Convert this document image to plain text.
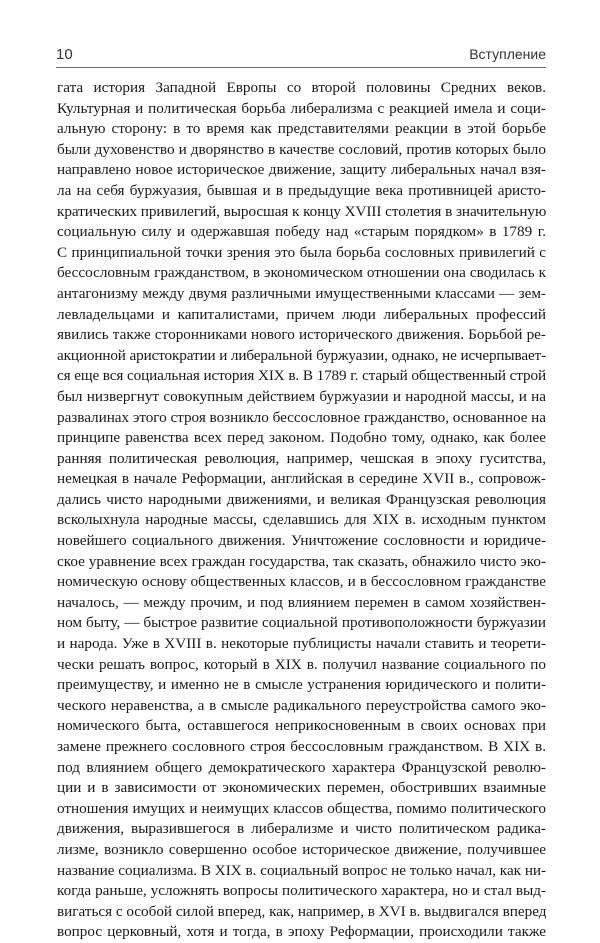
10	Вступление
гата история Западной Европы со второй половины Средних веков.
Культурная и политическая борьба либерализма с реакцией имела и соци-
альную сторону: в то время как представителями реакции в этой борьбе
были духовенство и дворянство в качестве сословий, против которых было
направлено новое историческое движение, защиту либеральных начал взя-
ла на себя буржуазия, бывшая и в предыдущие века противницей аристо-
кратических привилегий, выросшая к концу XVIII столетия в значительную
социальную силу и одержавшая победу над «старым порядком» в 1789 г.
С принципиальной точки зрения это была борьба сословных привилегий с
бессословным гражданством, в экономическом отношении она сводилась к
антагонизму между двумя различными имущественными классами — зем-
левладельцами и капиталистами, причем люди либеральных профессий
явились также сторонниками нового исторического движения. Борьбой ре-
акционной аристократии и либеральной буржуазии, однако, не исчерпывает-
ся еще вся социальная история XIX в. В 1789 г. старый общественный строй
был низвергнут совокупным действием буржуазии и народной массы, и на
развалинах этого строя возникло бессословное гражданство, основанное на
принципе равенства всех перед законом. Подобно тому, однако, как более
ранняя политическая революция, например, чешская в эпоху гуситства,
немецкая в начале Реформации, английская в середине XVII в., сопровож-
дались чисто народными движениями, и великая Французская революция
всколыхнула народные массы, сделавшись для XIX в. исходным пунктом
новейшего социального движения. Уничтожение сословности и юридиче-
ское уравнение всех граждан государства, так сказать, обнажило чисто эко-
номическую основу общественных классов, и в бессословном гражданстве
началось, — между прочим, и под влиянием перемен в самом хозяйствен-
ном быту, — быстрое развитие социальной противоположности буржуазии
и народа. Уже в XVIII в. некоторые публицисты начали ставить и теорети-
чески решать вопрос, который в XIX в. получил название социального по
преимуществу, и именно не в смысле устранения юридического и полити-
ческого неравенства, а в смысле радикального переустройства самого эко-
номического быта, оставшегося неприкосновенным в своих основах при
замене прежнего сословного строя бессословным гражданством. В XIX в.
под влиянием общего демократического характера Французской револю-
ции и в зависимости от экономических перемен, обостривших взаимные
отношения имущих и неимущих классов общества, помимо политического
движения, выразившегося в либерализме и чисто политическом радика-
лизме, возникло совершенно особое историческое движение, получившее
название социализма. В XIX в. социальный вопрос не только начал, как ни-
когда раньше, усложнять вопросы политического характера, но и стал выд-
вигаться с особой силой вперед, как, например, в XVI в. выдвигался вперед
вопрос церковный, хотя и тогда, в эпоху Реформации, происходили также
